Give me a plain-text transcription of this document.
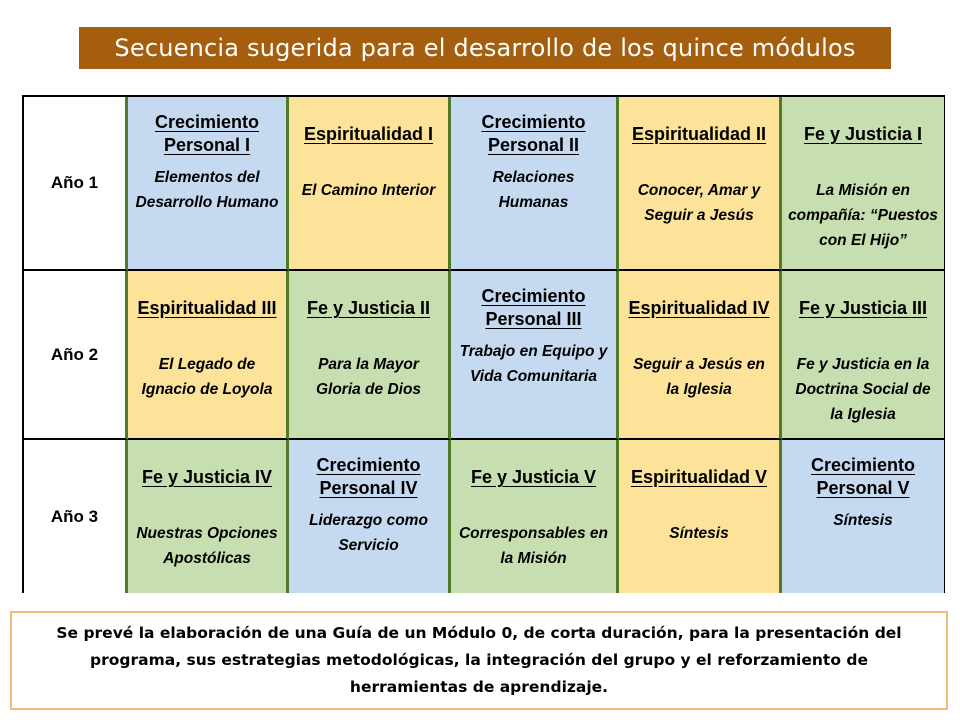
Secuencia sugerida para el desarrollo de los quince módulos
Año 1
Crecimiento
Personal I
Elementos del Desarrollo Humano
Espiritualidad I
El Camino Interior
Crecimiento
Personal II
Relaciones Humanas
Espiritualidad II
Conocer, Amar y Seguir a Jesús
Fe y Justicia I
La Misión en compañía: “Puestos con El Hijo”
Año 2
Espiritualidad III
El Legado de Ignacio de Loyola
Fe y Justicia II
Para la Mayor Gloria de Dios
Crecimiento
Personal III
Trabajo en Equipo y Vida Comunitaria
Espiritualidad IV
Seguir a Jesús en la Iglesia
Fe y Justicia III
Fe y Justicia en la Doctrina Social de la Iglesia
Año 3
Fe y Justicia IV
Nuestras Opciones Apostólicas
Crecimiento
Personal IV
Liderazgo como Servicio
Fe y Justicia V
Corresponsables en la Misión
Espiritualidad V
Síntesis
Crecimiento
Personal V
Síntesis
Se prevé la elaboración de una Guía de un Módulo 0, de corta duración, para la presentación del programa, sus estrategias metodológicas, la integración del grupo y el reforzamiento de herramientas de aprendizaje.
